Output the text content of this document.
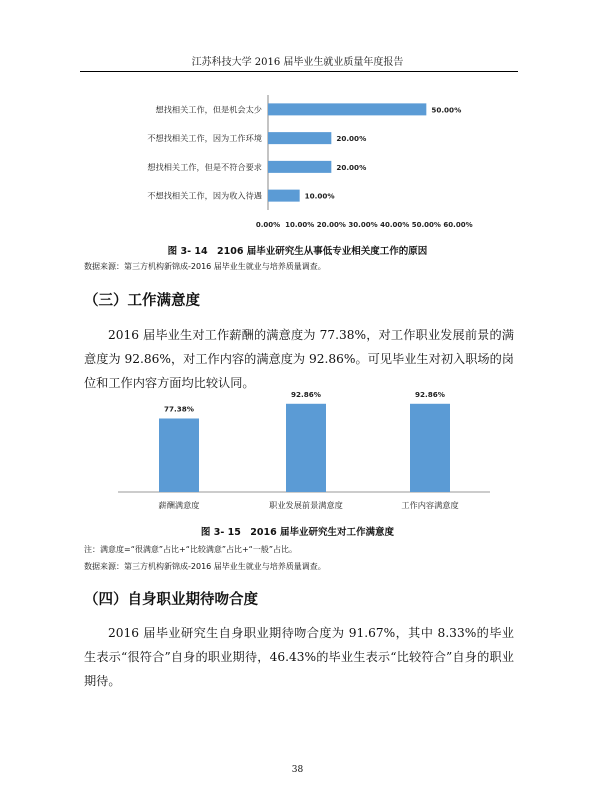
江苏科技大学 2016 届毕业生就业质量年度报告
想找相关工作，但是机会太少	50.00%
不想找相关工作，因为工作环境	20.00%
想找相关工作，但是不符合要求	20.00%
不想找相关工作，因为收入待遇	10.00%
0.00% 10.00% 20.00% 30.00% 40.00% 50.00% 60.00%
图 3- 14　2106 届毕业研究生从事低专业相关度工作的原因
数据来源：第三方机构新锦成-2016 届毕业生就业与培养质量调查。
（三）工作满意度

2016 届毕业生对工作薪酬的满意度为 77.38%，对工作职业发展前景的满意度为 92.86%，对工作内容的满意度为 92.86%。可见毕业生对初入职场的岗位和工作内容方面均比较认同。

77.38%
薪酬满意度
92.86%
职业发展前景满意度
92.86%
工作内容满意度
图 3- 15　2016 届毕业研究生对工作满意度
注：满意度=“很满意”占比+“比较满意”占比+“一般”占比。
数据来源：第三方机构新锦成-2016 届毕业生就业与培养质量调查。
（四）自身职业期待吻合度

2016 届毕业研究生自身职业期待吻合度为 91.67%，其中 8.33%的毕业生表示“很符合”自身的职业期待，46.43%的毕业生表示“比较符合”自身的职业期待。

38
